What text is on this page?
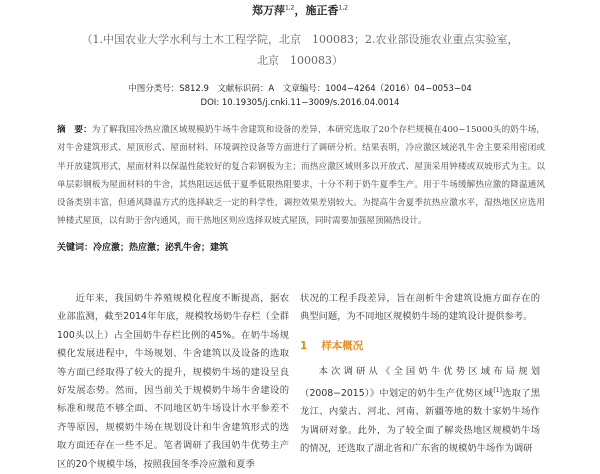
郑万萍$^{1,2}$，施正香$^{1,2}$
（1.中国农业大学水利与土木工程学院，北京　100083；2.农业部设施农业重点实验室，
北京　100083）
中图分类号：S812.9　文献标识码：A　文章编号：1004−4264（2016）04−0053−04
DOI: 10.19305/j.cnki.11−3009/s.2016.04.0014
摘　要：为了解我国冷热应激区域规模奶牛场牛舍建筑和设备的差异，本研究选取了20个存栏规模在400~15000头的奶牛场，对牛舍建筑形式、屋顶形式、屋面材料、环境调控设备等方面进行了调研分析。结果表明，冷应激区域泌乳牛舍主要采用密闭或半开放建筑形式，屋面材料以保温性能较好的复合彩钢板为主；而热应激区域则多以开放式、屋顶采用钟楼或双坡形式为主。以单层彩钢板为屋面材料的牛舍，其热阻远远低于夏季低限热阻要求，十分不利于奶牛夏季生产。用于牛场缓解热应激的降温通风设备类别丰富，但通风降温方式的选择缺乏一定的科学性，调控效果差别较大。为提高牛舍夏季抗热应激水平，湿热地区应选用钟楼式屋顶，以有助于舍内通风，而干热地区则应选择双坡式屋顶，同时需要加强屋顶隔热设计。
关键词：冷应激；热应激；泌乳牛舍；建筑

近年来，我国奶牛养殖规模化程度不断提高，据农业部监测，截至2014年年底，规模牧场奶牛存栏（全群100头以上）占全国奶牛存栏比例的45%。在奶牛场规模化发展进程中，牛场规划、牛舍建筑以及设备的选取等方面已经取得了较大的提升，规模奶牛场的建设呈良好发展态势。然而，因当前关于规模奶牛场牛舍建设的标准和规范不够全面、不同地区奶牛场设计水平参差不齐等原因，规模奶牛场在规划设计和牛舍建筑形式的选取方面还存在一些不足。笔者调研了我国奶牛优势主产区的20个规模牛场，按照我国冬季冷应激和夏季

状况的工程手段差异，旨在剖析牛舍建筑设施方面存在的典型问题，为不同地区规模奶牛场的建筑设计提供参考。

1 样本概况

本次调研从《全国奶牛优势区域布局规划（2008−2015）》中划定的奶牛生产优势区域[1]选取了黑龙江、内蒙古、河北、河南、新疆等地的数十家奶牛场作为调研对象。此外，为了较全面了解炎热地区规模奶牛场的情况，还选取了湖北省和广东省的规模奶牛场作为调研
